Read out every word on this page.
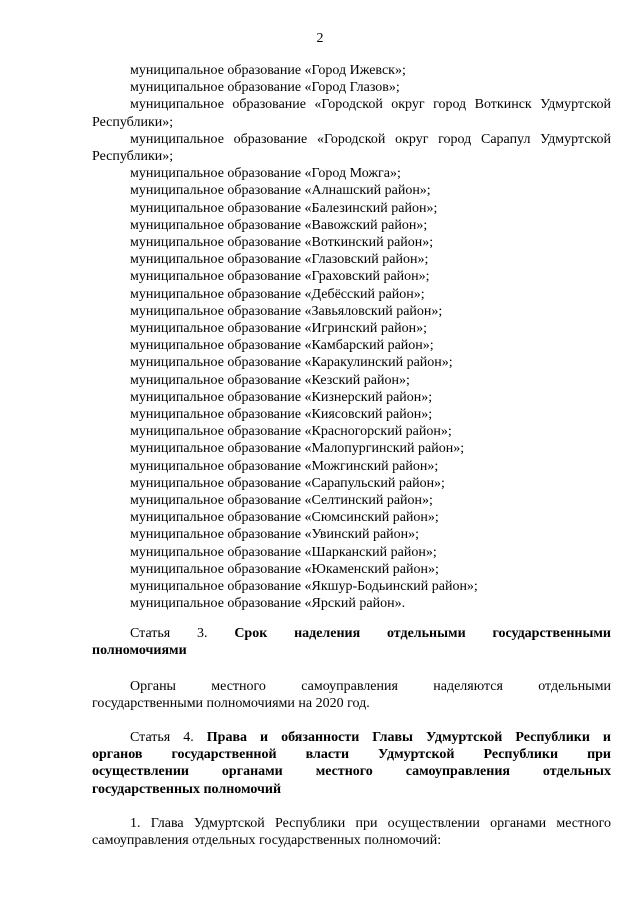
2
муниципальное образование «Город Ижевск»;
муниципальное образование «Город Глазов»;
муниципальное образование «Городской округ город Воткинск Удмуртской Республики»;
муниципальное образование «Городской округ город Сарапул Удмуртской Республики»;
муниципальное образование «Город Можга»;
муниципальное образование «Алнашский район»;
муниципальное образование «Балезинский район»;
муниципальное образование «Вавожский район»;
муниципальное образование «Воткинский район»;
муниципальное образование «Глазовский район»;
муниципальное образование «Граховский район»;
муниципальное образование «Дебёсский район»;
муниципальное образование «Завьяловский район»;
муниципальное образование «Игринский район»;
муниципальное образование «Камбарский район»;
муниципальное образование «Каракулинский район»;
муниципальное образование «Кезский район»;
муниципальное образование «Кизнерский район»;
муниципальное образование «Киясовский район»;
муниципальное образование «Красногорский район»;
муниципальное образование «Малопургинский район»;
муниципальное образование «Можгинский район»;
муниципальное образование «Сарапульский район»;
муниципальное образование «Селтинский район»;
муниципальное образование «Сюмсинский район»;
муниципальное образование «Увинский район»;
муниципальное образование «Шарканский район»;
муниципальное образование «Юкаменский район»;
муниципальное образование «Якшур-Бодьинский район»;
муниципальное образование «Ярский район».
Статья 3. Срок наделения отдельными государственными
полномочиями
Органы	местного	самоуправления	наделяются	отдельными
государственными полномочиями на 2020 год.
Статья 4. Права и обязанности Главы Удмуртской Республики и
органов государственной власти Удмуртской Республики при
осуществлении органами местного самоуправления отдельных
государственных полномочий
1. Глава Удмуртской Республики при осуществлении органами местного
самоуправления отдельных государственных полномочий:
